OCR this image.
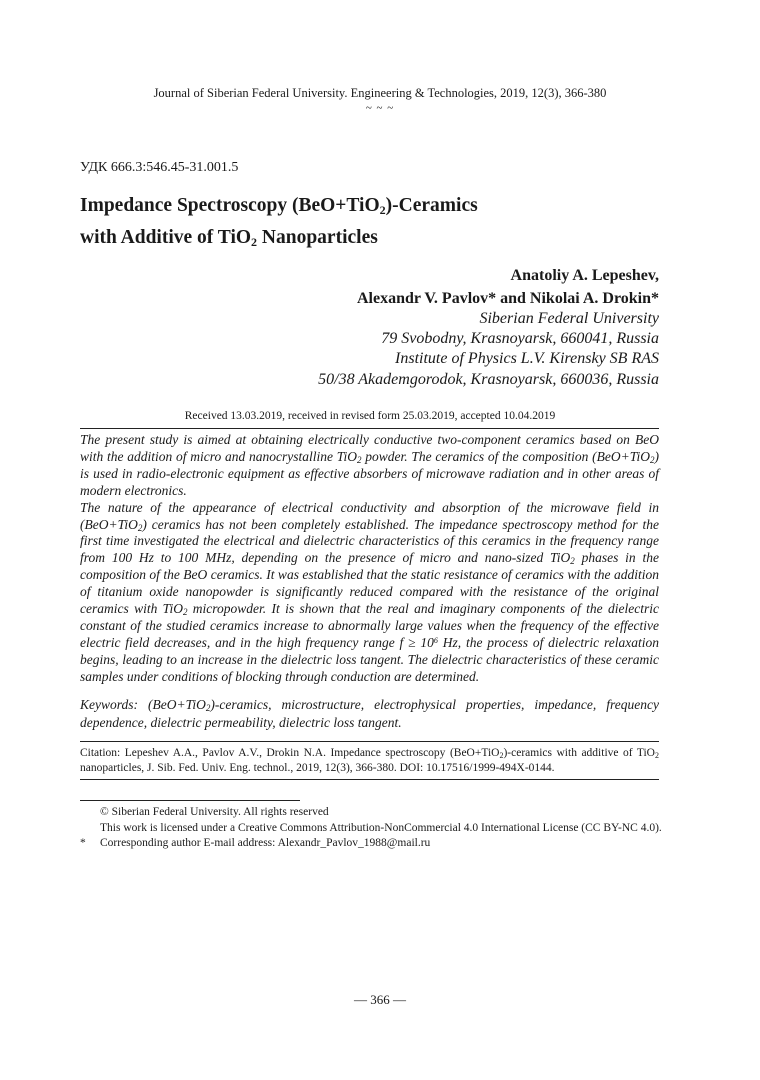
Journal of Siberian Federal University. Engineering & Technologies, 2019, 12(3), 366-380
~ ~ ~
УДК 666.3:546.45-31.001.5
Impedance Spectroscopy (BeO+TiO$_2$)-Ceramics
with Additive of TiO$_2$ Nanoparticles
Anatoliy A. Lepeshev,
Alexandr V. Pavlov* and Nikolai A. Drokin*
Siberian Federal University
79 Svobodny, Krasnoyarsk, 660041, Russia
Institute of Physics L.V. Kirensky SB RAS
50/38 Akademgorodok, Krasnoyarsk, 660036, Russia
Received 13.03.2019, received in revised form 25.03.2019, accepted 10.04.2019

The present study is aimed at obtaining electrically conductive two-component ceramics based on BeO with the addition of micro and nanocrystalline TiO$_2$ powder. The ceramics of the composition (BeO+TiO$_2$) is used in radio-electronic equipment as effective absorbers of microwave radiation and in other areas of modern electronics.

The nature of the appearance of electrical conductivity and absorption of the microwave field in (BeO+TiO$_2$) ceramics has not been completely established. The impedance spectroscopy method for the first time investigated the electrical and dielectric characteristics of this ceramics in the frequency range from 100 Hz to 100 MHz, depending on the presence of micro and nano-sized TiO$_2$ phases in the composition of the BeO ceramics. It was established that the static resistance of ceramics with the addition of titanium oxide nanopowder is significantly reduced compared with the resistance of the original ceramics with TiO$_2$ micropowder. It is shown that the real and imaginary components of the dielectric constant of the studied ceramics increase to abnormally large values when the frequency of the effective electric field decreases, and in the high frequency range $f \ge 10^6$ Hz, the process of dielectric relaxation begins, leading to an increase in the dielectric loss tangent. The dielectric characteristics of these ceramic samples under conditions of blocking through conduction are determined.

Keywords: (BeO+TiO$_2$)-ceramics, microstructure, electrophysical properties, impedance, frequency dependence, dielectric permeability, dielectric loss tangent.
Citation: Lepeshev A.A., Pavlov A.V., Drokin N.A. Impedance spectroscopy (BeO+TiO$_2$)-ceramics with additive of TiO$_2$ nanoparticles, J. Sib. Fed. Univ. Eng. technol., 2019, 12(3), 366-380. DOI: 10.17516/1999-494X-0144.
© Siberian Federal University. All rights reserved
This work is licensed under a Creative Commons Attribution-NonCommercial 4.0 International License (CC BY-NC 4.0).
* Corresponding author E-mail address: Alexandr_Pavlov_1988@mail.ru
— 366 —
